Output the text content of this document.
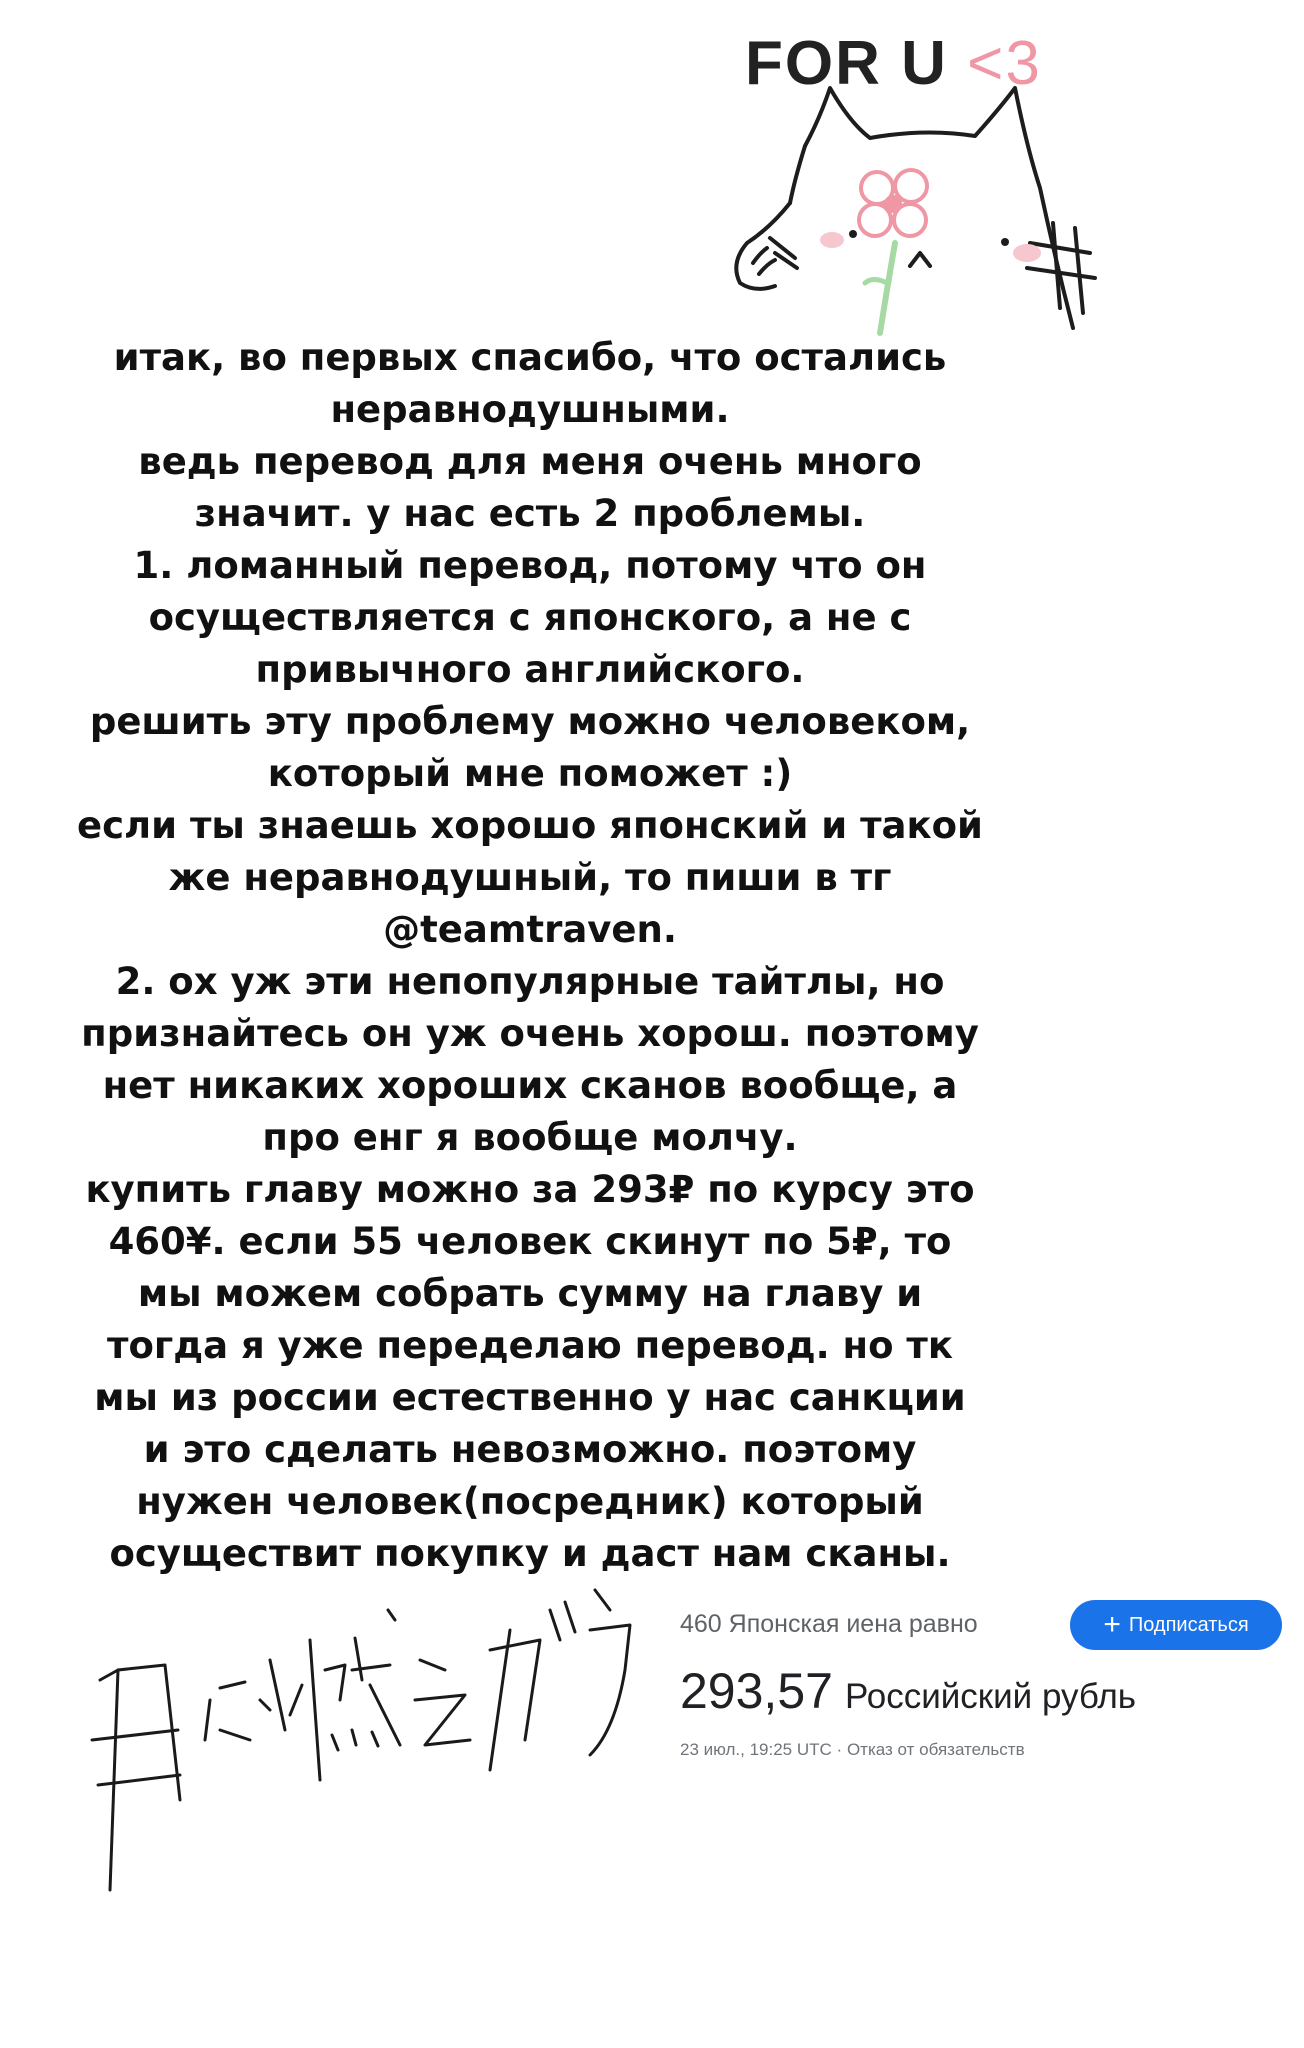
FOR U <3
итак, во первых спасибо, что остались
неравнодушными.
ведь перевод для меня очень много
значит. у нас есть 2 проблемы.
1. ломанный перевод, потому что он
осуществляется с японского, а не с
привычного английского.
решить эту проблему можно человеком,
который мне поможет :)
если ты знаешь хорошо японский и такой
же неравнодушный, то пиши в тг
@teamtraven.
2. ох уж эти непопулярные тайтлы, но
признайтесь он уж очень хорош. поэтому
нет никаких хороших сканов вообще, а
про енг я вообще молчу.
купить главу можно за 293₽ по курсу это
460¥. если 55 человек скинут по 5₽, то
мы можем собрать сумму на главу и
тогда я уже переделаю перевод. но тк
мы из россии естественно у нас санкции
и это сделать невозможно. поэтому
нужен человек(посредник) который
осуществит покупку и даст нам сканы.
460 Японская иена равно	+ Подписаться
293,57 Российский рубль
23 июл., 19:25 UTC · Отказ от обязательств
